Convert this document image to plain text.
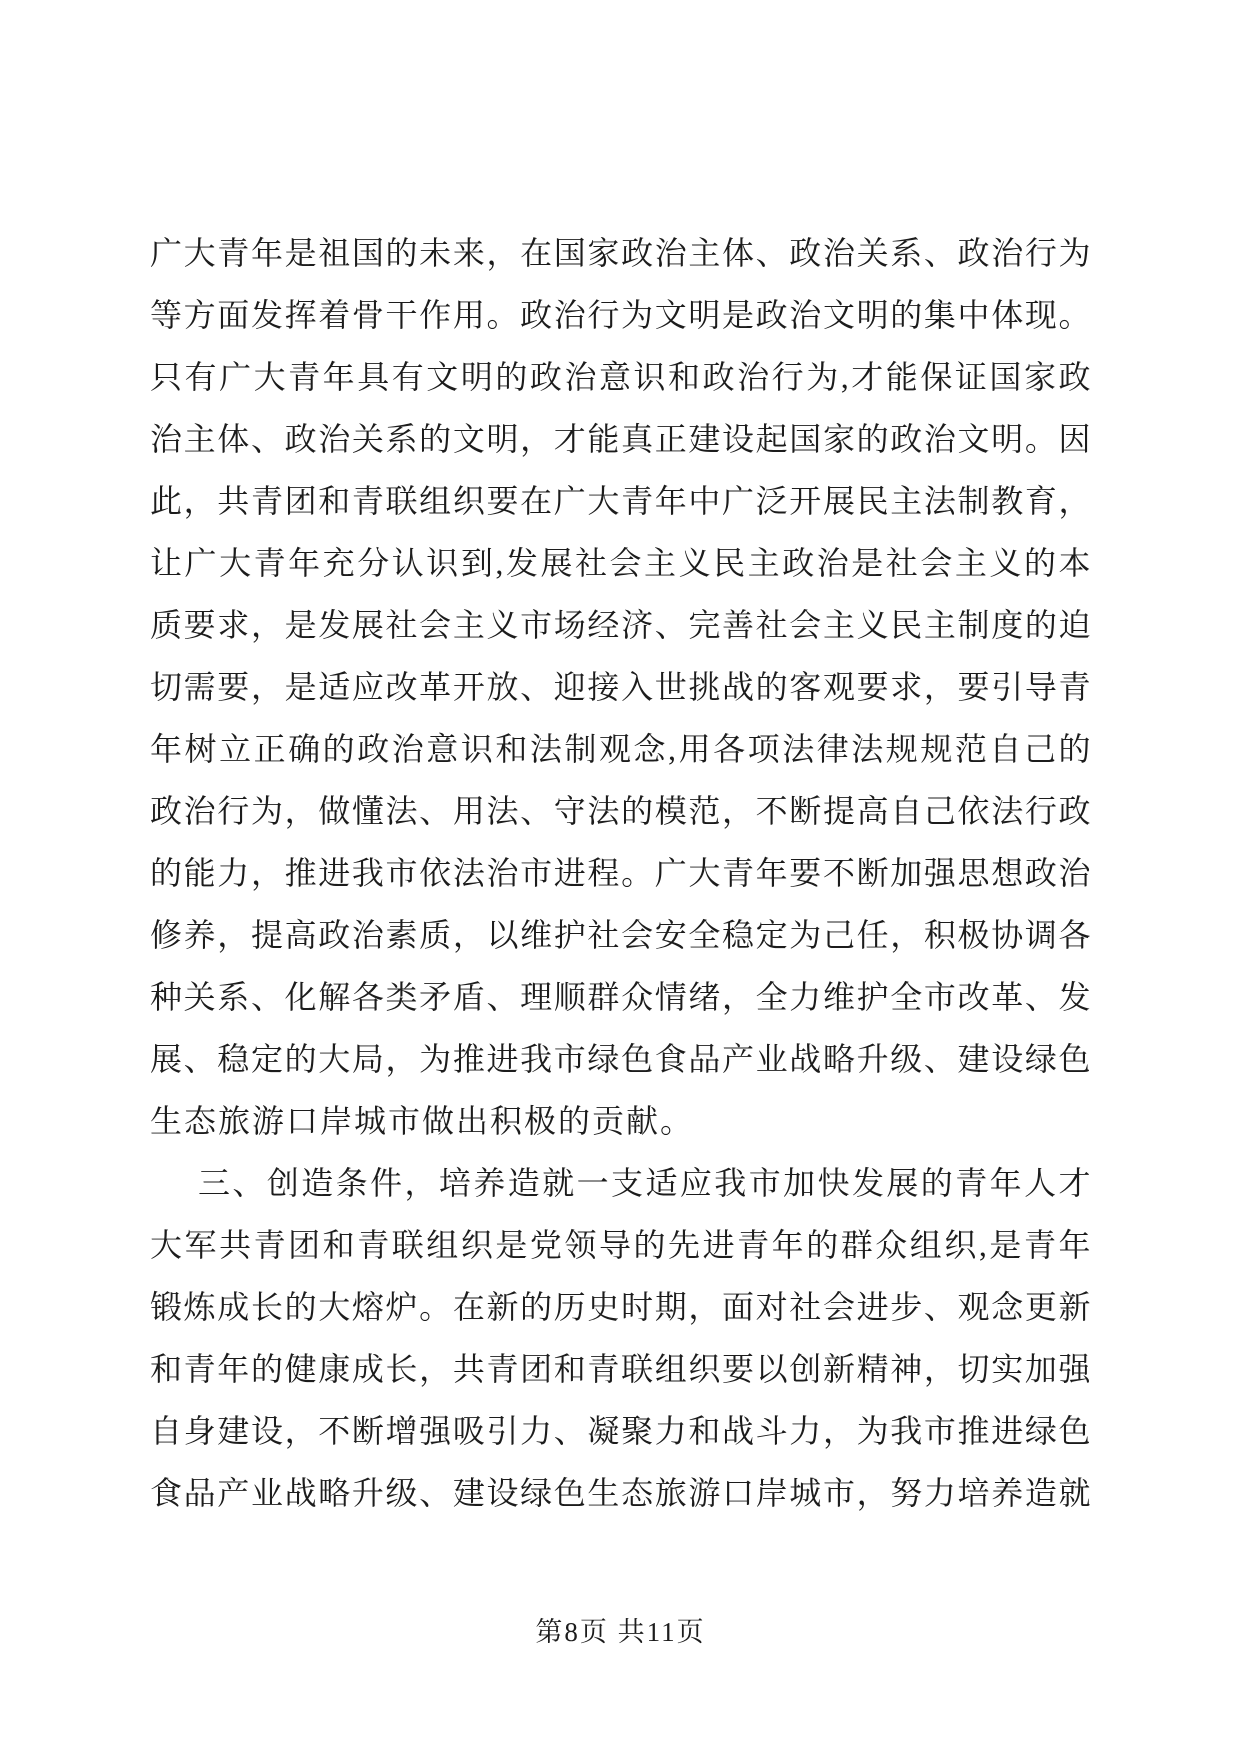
广大青年是祖国的未来，在国家政治主体、政治关系、政治行为
等方面发挥着骨干作用。政治行为文明是政治文明的集中体现。
只有广大青年具有文明的政治意识和政治行为,才能保证国家政
治主体、政治关系的文明，才能真正建设起国家的政治文明。因
此，共青团和青联组织要在广大青年中广泛开展民主法制教育，
让广大青年充分认识到,发展社会主义民主政治是社会主义的本
质要求，是发展社会主义市场经济、完善社会主义民主制度的迫
切需要，是适应改革开放、迎接入世挑战的客观要求，要引导青
年树立正确的政治意识和法制观念,用各项法律法规规范自己的
政治行为，做懂法、用法、守法的模范，不断提高自己依法行政
的能力，推进我市依法治市进程。广大青年要不断加强思想政治
修养，提高政治素质，以维护社会安全稳定为己任，积极协调各
种关系、化解各类矛盾、理顺群众情绪，全力维护全市改革、发
展、稳定的大局，为推进我市绿色食品产业战略升级、建设绿色
生态旅游口岸城市做出积极的贡献。
三、创造条件，培养造就一支适应我市加快发展的青年人才
大军共青团和青联组织是党领导的先进青年的群众组织,是青年
锻炼成长的大熔炉。在新的历史时期，面对社会进步、观念更新
和青年的健康成长，共青团和青联组织要以创新精神，切实加强
自身建设，不断增强吸引力、凝聚力和战斗力，为我市推进绿色
食品产业战略升级、建设绿色生态旅游口岸城市，努力培养造就
第8页 共11页
